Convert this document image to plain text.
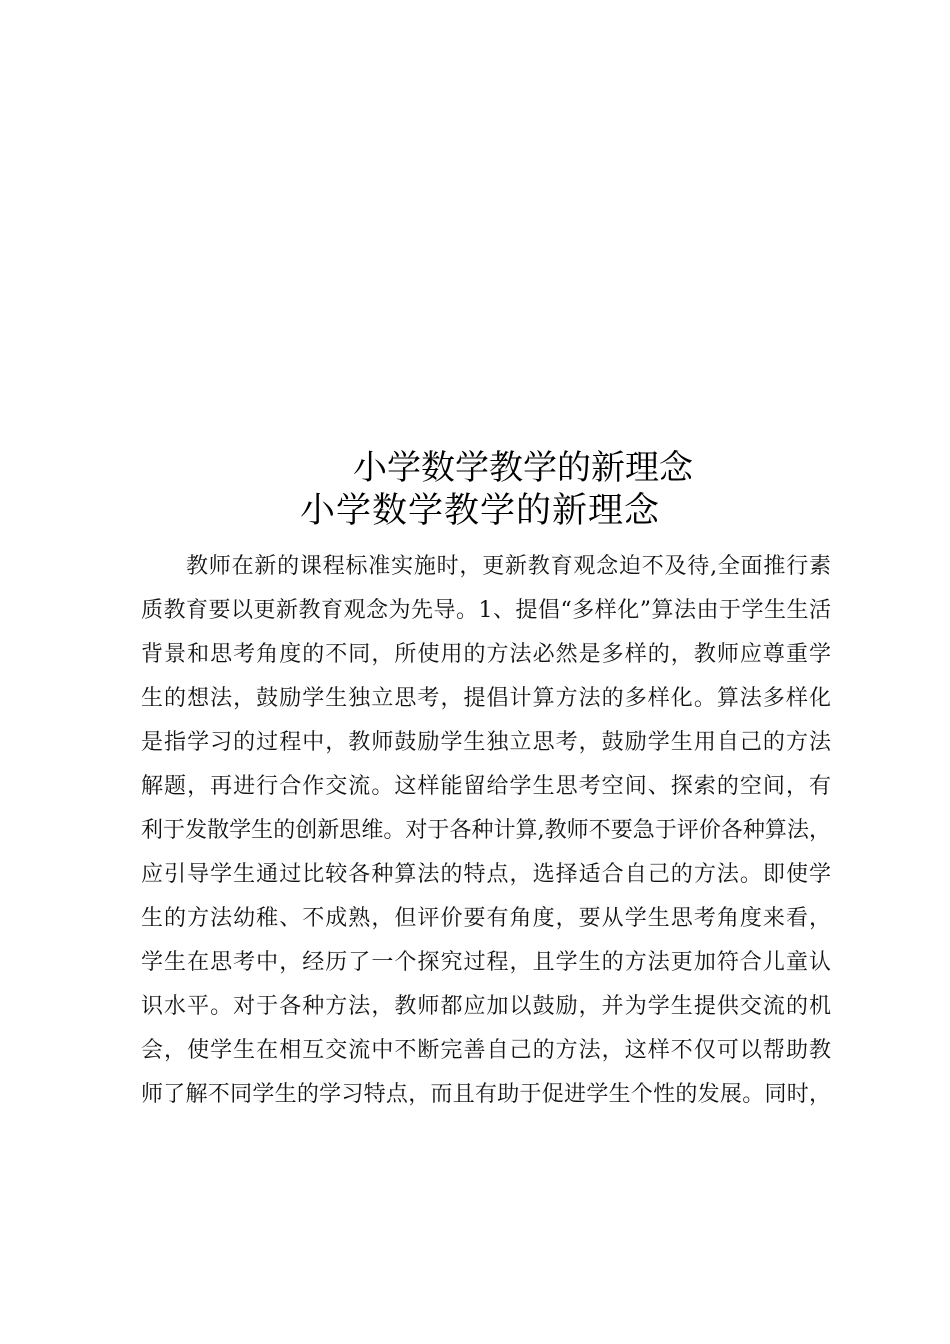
小学数学教学的新理念
小学数学教学的新理念
教师在新的课程标准实施时，更新教育观念迫不及待,全面推行素
质教育要以更新教育观念为先导。1、提倡“多样化”算法由于学生生活
背景和思考角度的不同，所使用的方法必然是多样的，教师应尊重学
生的想法，鼓励学生独立思考，提倡计算方法的多样化。算法多样化
是指学习的过程中，教师鼓励学生独立思考，鼓励学生用自己的方法
解题，再进行合作交流。这样能留给学生思考空间、探索的空间，有
利于发散学生的创新思维。对于各种计算,教师不要急于评价各种算法，
应引导学生通过比较各种算法的特点，选择适合自己的方法。即使学
生的方法幼稚、不成熟，但评价要有角度，要从学生思考角度来看，
学生在思考中，经历了一个探究过程，且学生的方法更加符合儿童认
识水平。对于各种方法，教师都应加以鼓励，并为学生提供交流的机
会，使学生在相互交流中不断完善自己的方法，这样不仅可以帮助教
师了解不同学生的学习特点，而且有助于促进学生个性的发展。同时，
